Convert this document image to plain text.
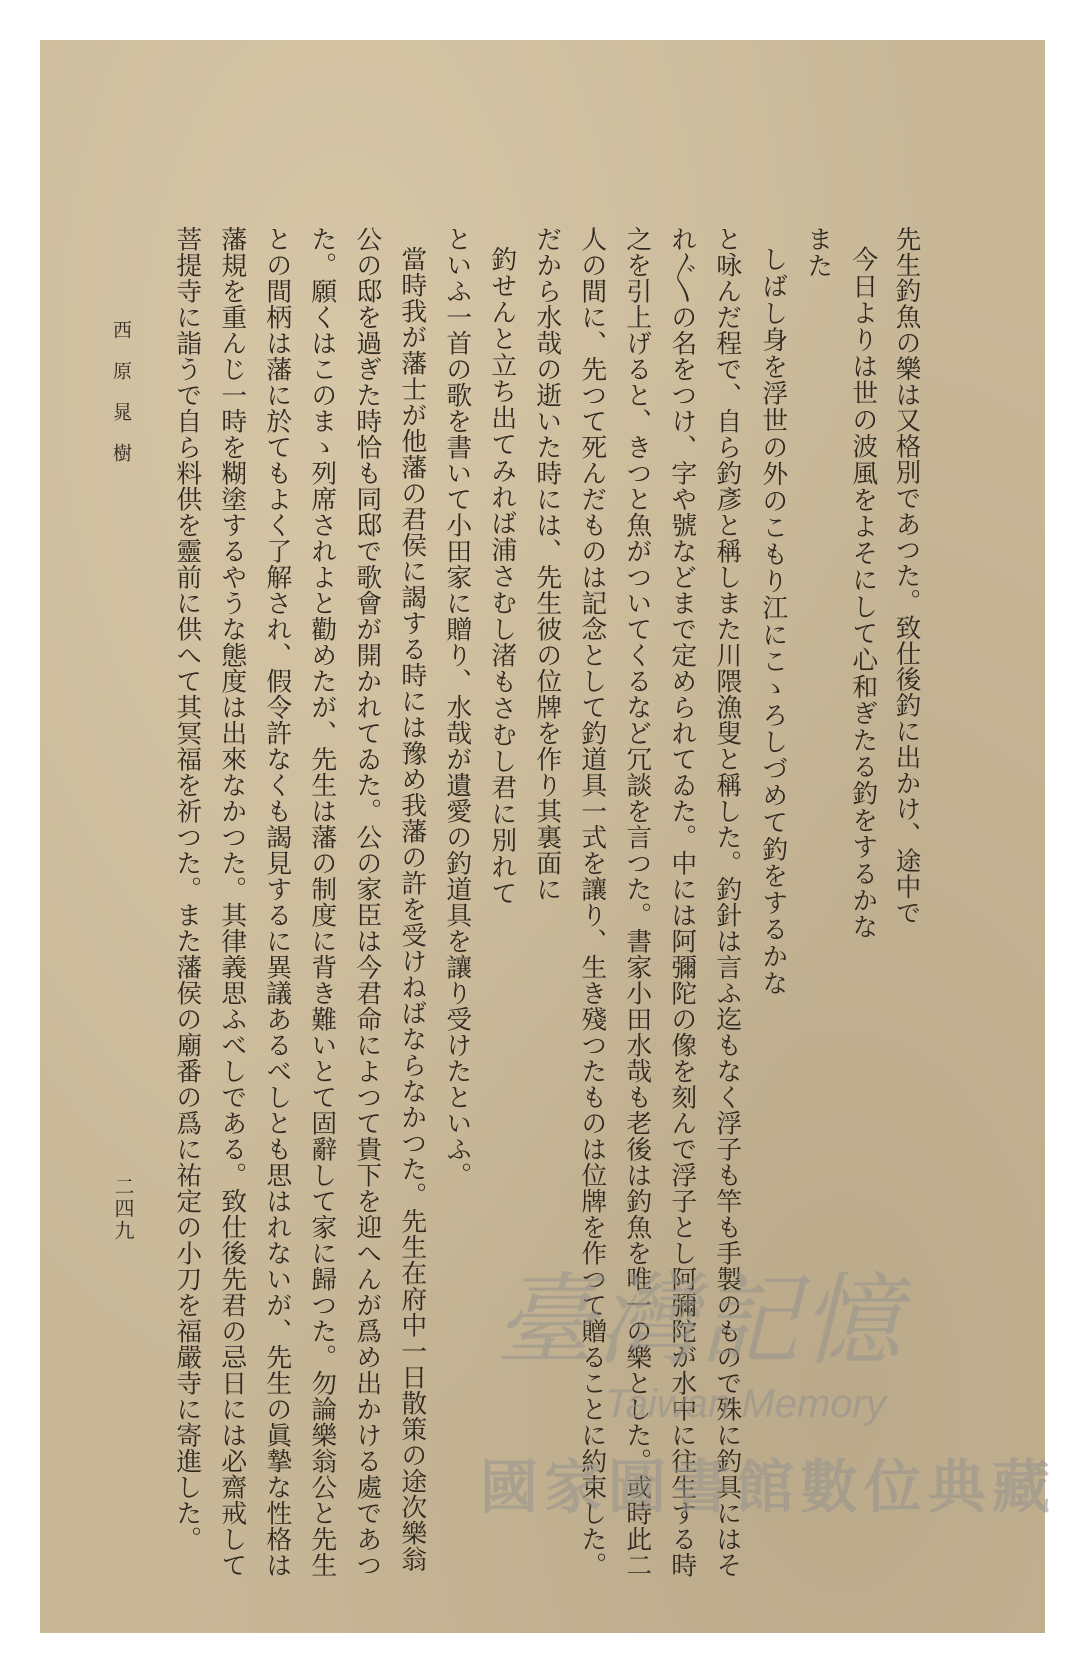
先生釣魚の樂は又格別であつた。致仕後釣に出かけ、途中で
今日よりは世の波風をよそにして心和ぎたる釣をするかな
また
しばし身を浮世の外のこもり江にこゝろしづめて釣をするかな
と咏んだ程で、自ら釣彥と稱しまた川隈漁叟と稱した。釣針は言ふ迄もなく浮子も竿も手製のもので殊に釣具にはそ
れ〴〵の名をつけ、字や號などまで定められてゐた。中には阿彌陀の像を刻んで浮子とし阿彌陀が水中に往生する時
之を引上げると、きつと魚がついてくるなど冗談を言つた。書家小田水哉も老後は釣魚を唯一の樂とした。或時此二
人の間に、先つて死んだものは記念として釣道具一式を讓り、生き殘つたものは位牌を作つて贈ることに約束した。
だから水哉の逝いた時には、先生彼の位牌を作り其裏面に
釣せんと立ち出てみれば浦さむし渚もさむし君に別れて
といふ一首の歌を書いて小田家に贈り、水哉が遺愛の釣道具を讓り受けたといふ。
當時我が藩士が他藩の君侯に謁する時には豫め我藩の許を受けねばならなかつた。先生在府中一日散策の途次樂翁
公の邸を過ぎた時恰も同邸で歌會が開かれてゐた。公の家臣は今君命によつて貴下を迎へんが爲め出かける處であつ
た。願くはこのまゝ列席されよと勸めたが、先生は藩の制度に背き難いとて固辭して家に歸つた。勿論樂翁公と先生
との間柄は藩に於てもよく了解され、假令許なくも謁見するに異議あるべしとも思はれないが、先生の眞摯な性格は
藩規を重んじ一時を糊塗するやうな態度は出來なかつた。其律義思ふべしである。致仕後先君の忌日には必齋戒して
菩提寺に詣うで自ら料供を靈前に供へて其冥福を祈つた。また藩侯の廟番の爲に祐定の小刀を福嚴寺に寄進した。
西原晁樹
二四九
臺灣記憶
Taiwan Memory
國家圖書館數位典藏
